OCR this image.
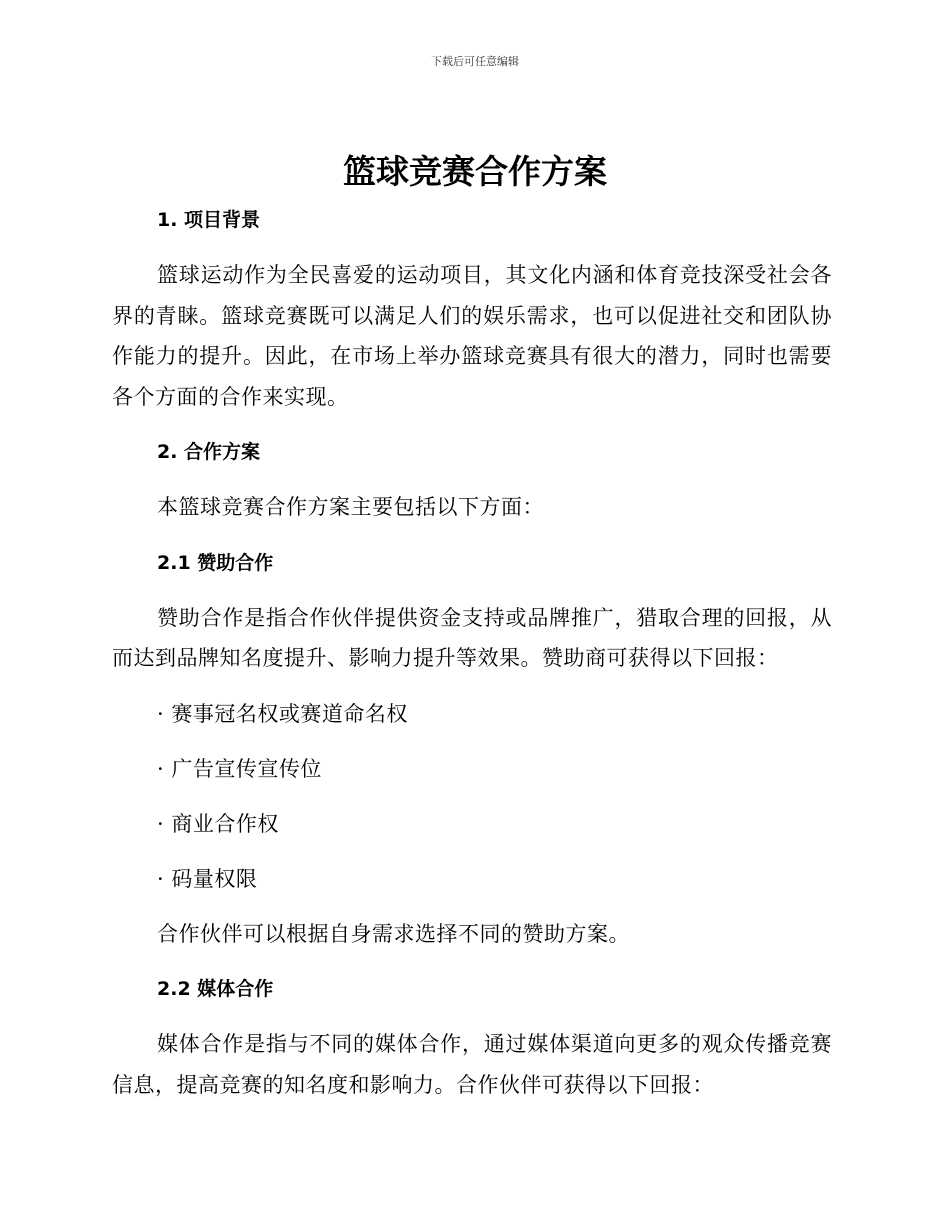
下载后可任意编辑
篮球竞赛合作方案
1. 项目背景

篮球运动作为全民喜爱的运动项目，其文化内涵和体育竞技深受社会各界的青睐。篮球竞赛既可以满足人们的娱乐需求，也可以促进社交和团队协作能力的提升。因此，在市场上举办篮球竞赛具有很大的潜力，同时也需要各个方面的合作来实现。

2. 合作方案

本篮球竞赛合作方案主要包括以下方面：

2.1 赞助合作

赞助合作是指合作伙伴提供资金支持或品牌推广，猎取合理的回报，从而达到品牌知名度提升、影响力提升等效果。赞助商可获得以下回报：

· 赛事冠名权或赛道命名权

· 广告宣传宣传位

· 商业合作权

· 码量权限

合作伙伴可以根据自身需求选择不同的赞助方案。

2.2 媒体合作

媒体合作是指与不同的媒体合作，通过媒体渠道向更多的观众传播竞赛信息，提高竞赛的知名度和影响力。合作伙伴可获得以下回报：
